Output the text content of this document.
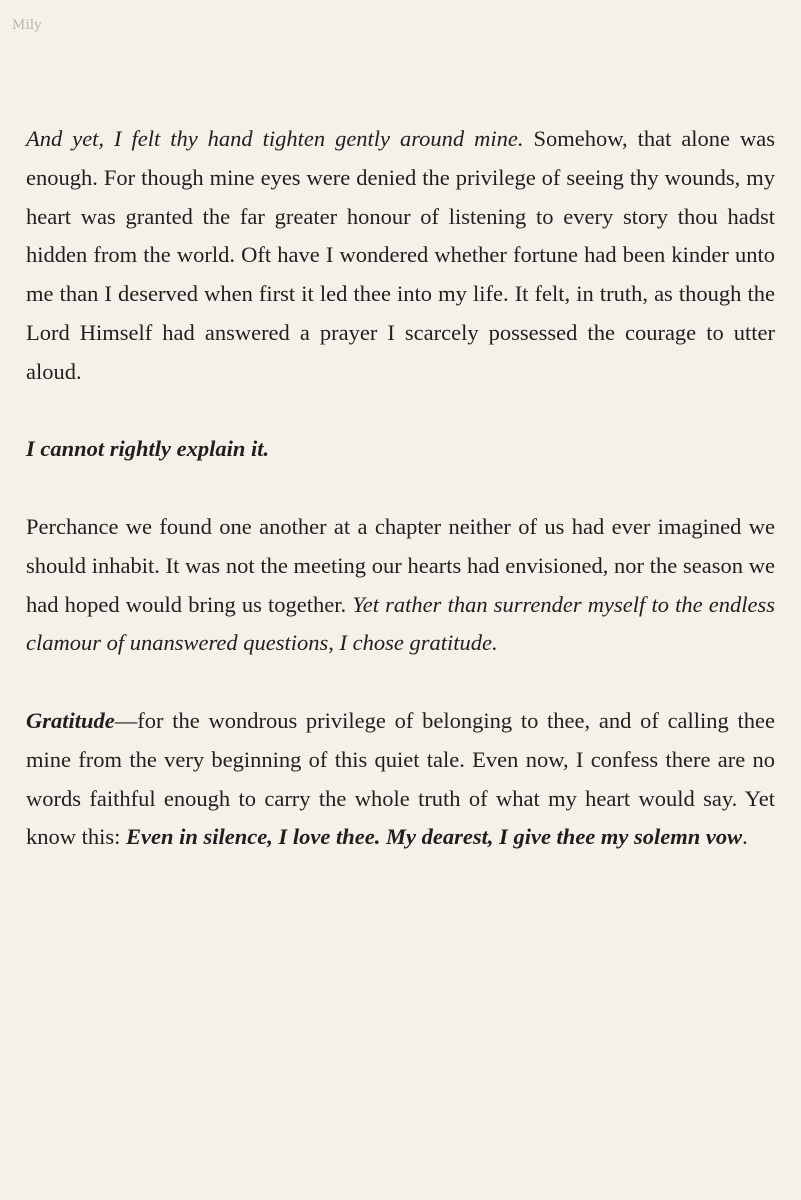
Mily

And yet, I felt thy hand tighten gently around mine. Somehow, that alone was enough. For though mine eyes were denied the privilege of seeing thy wounds, my heart was granted the far greater honour of listening to every story thou hadst hidden from the world. Oft have I wondered whether fortune had been kinder unto me than I deserved when first it led thee into my life. It felt, in truth, as though the Lord Himself had answered a prayer I scarcely possessed the courage to utter aloud.

I cannot rightly explain it.

Perchance we found one another at a chapter neither of us had ever imagined we should inhabit. It was not the meeting our hearts had envisioned, nor the season we had hoped would bring us together. Yet rather than surrender myself to the endless clamour of unanswered questions, I chose gratitude.

Gratitude—for the wondrous privilege of belonging to thee, and of calling thee mine from the very beginning of this quiet tale. Even now, I confess there are no words faithful enough to carry the whole truth of what my heart would say. Yet know this: Even in silence, I love thee. My dearest, I give thee my solemn vow.
